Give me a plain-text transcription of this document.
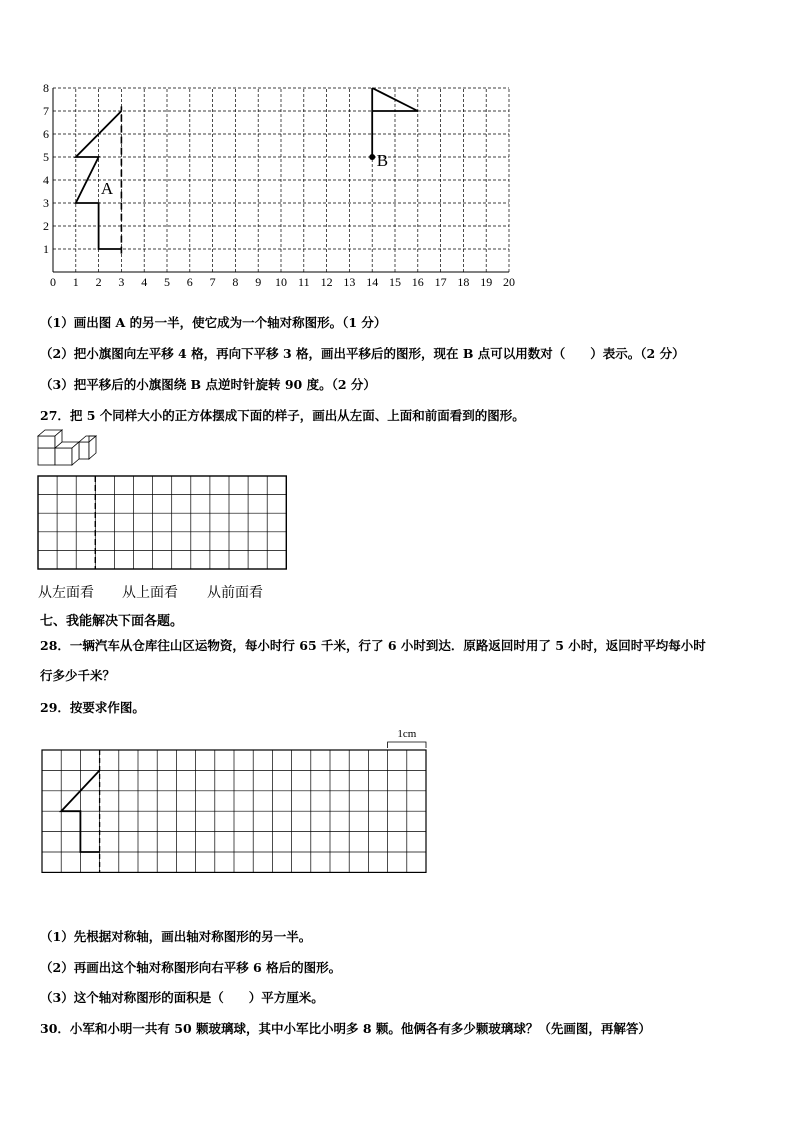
0 1 2 3 4 5 6 7 8 9 10 11 12 13 14 15 16 17 18 19 20
1
2
3
4
5
6
7
8
A
B
（1）画出图 A 的另一半，使它成为一个轴对称图形。（1 分）
（2）把小旗图向左平移 4 格，再向下平移 3 格，画出平移后的图形，现在 B 点可以用数对（　　）表示。（2 分）
（3）把平移后的小旗图绕 B 点逆时针旋转 90 度。（2 分）
27．把 5 个同样大小的正方体摆成下面的样子，画出从左面、上面和前面看到的图形。
从左面看 从上面看 从前面看
七、我能解决下面各题。
28．一辆汽车从仓库往山区运物资，每小时行 65 千米，行了 6 小时到达．原路返回时用了 5 小时，返回时平均每小时
行多少千米？
29．按要求作图。
1cm
（1）先根据对称轴，画出轴对称图形的另一半。
（2）再画出这个轴对称图形向右平移 6 格后的图形。
（3）这个轴对称图形的面积是（　　）平方厘米。
30．小军和小明一共有 50 颗玻璃球，其中小军比小明多 8 颗。他俩各有多少颗玻璃球？（先画图，再解答）
